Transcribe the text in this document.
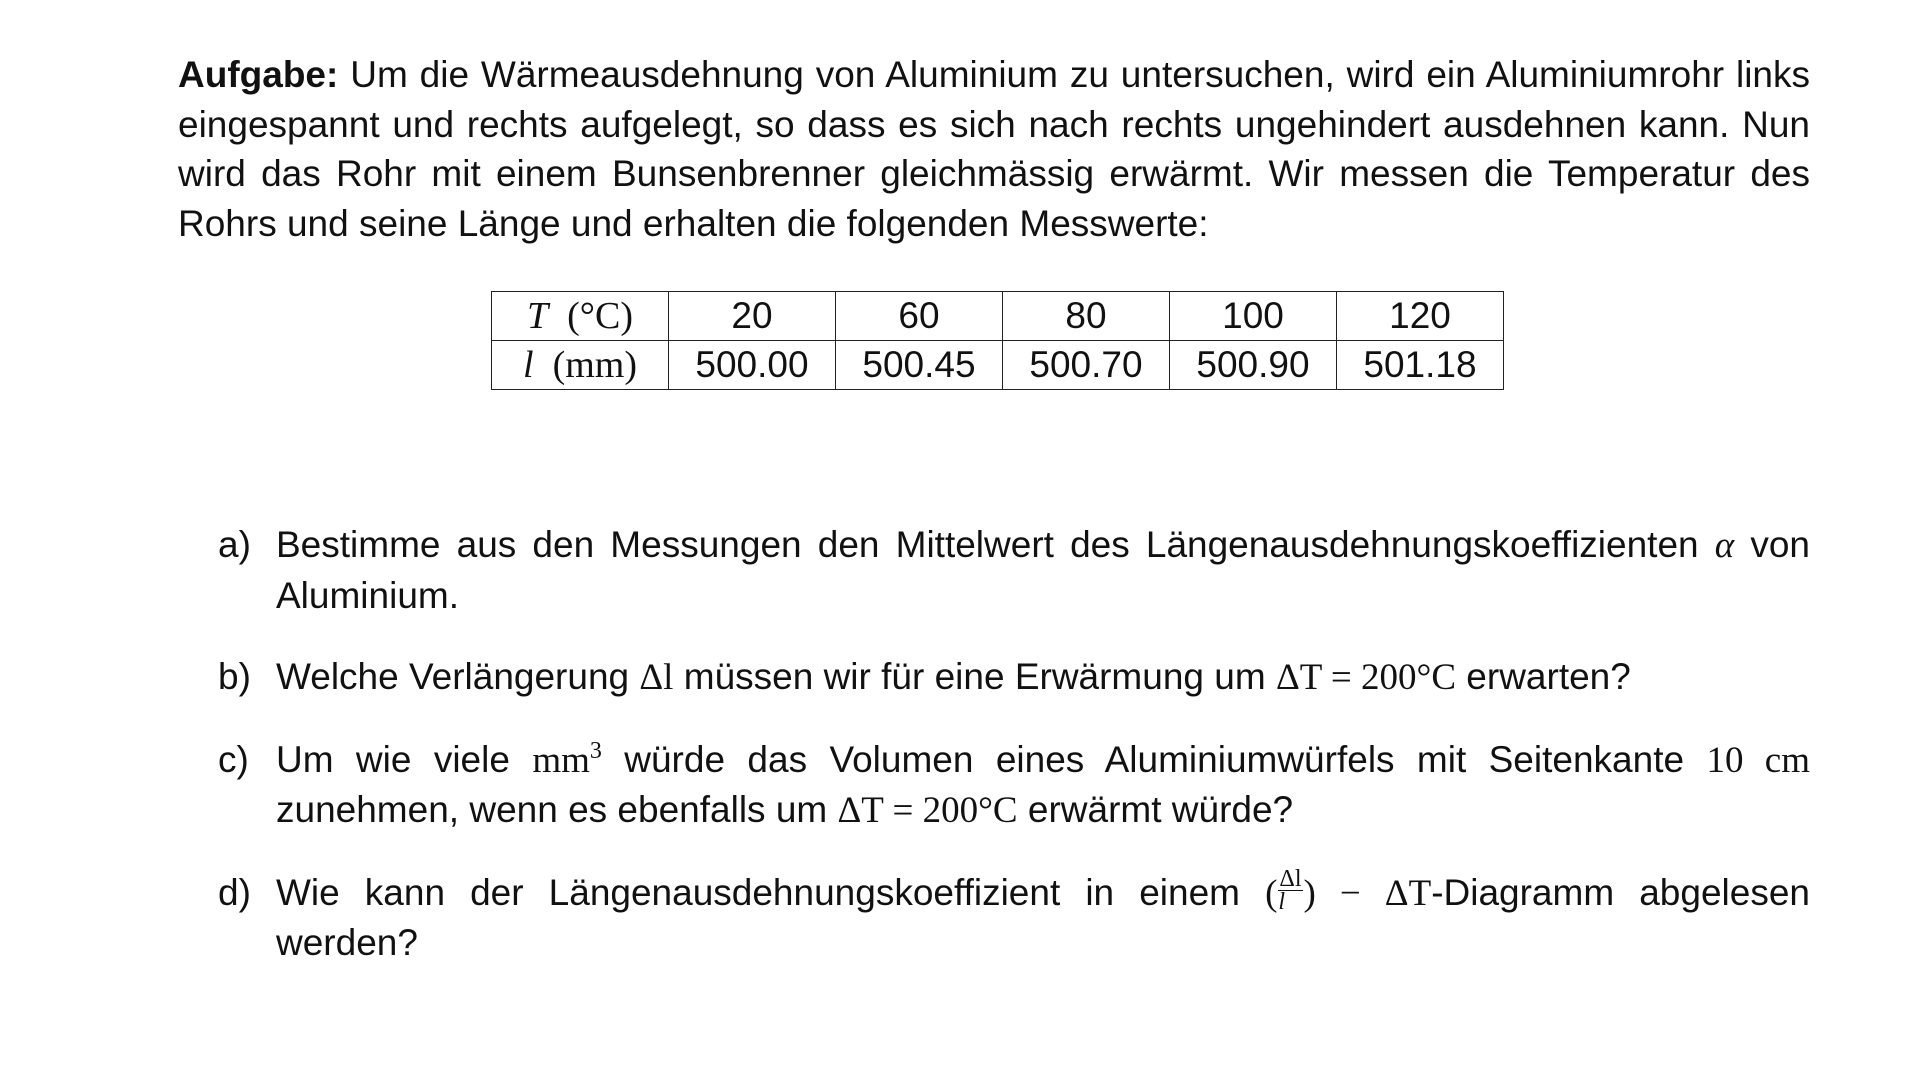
Aufgabe: Um die Wärmeausdehnung von Aluminium zu untersuchen, wird ein Aluminiumrohr links eingespannt und rechts aufgelegt, so dass es sich nach rechts ungehindert ausdehnen kann. Nun wird das Rohr mit einem Bunsenbrenner gleichmässig erwärmt. Wir messen die Temperatur des Rohrs und seine Länge und erhalten die folgenden Messwerte:

T (°C)	20	60	80	100	120
l (mm)	500.00	500.45	500.70	500.90	501.18
a) Bestimme aus den Messungen den Mittelwert des Längenausdehnungskoeffizienten α von Aluminium.
b) Welche Verlängerung Δl müssen wir für eine Erwärmung um ΔT = 200°C erwarten?
c) Um wie viele $mm^3$ würde das Volumen eines Aluminiumwürfels mit Seitenkante 10 cm zunehmen, wenn es ebenfalls um ΔT = 200°C erwärmt würde?
d) Wie kann der Längenausdehnungskoeffizient in einem ( $\frac{\Delta l}{l}$ ) − ΔT-Diagramm abgelesen werden?
